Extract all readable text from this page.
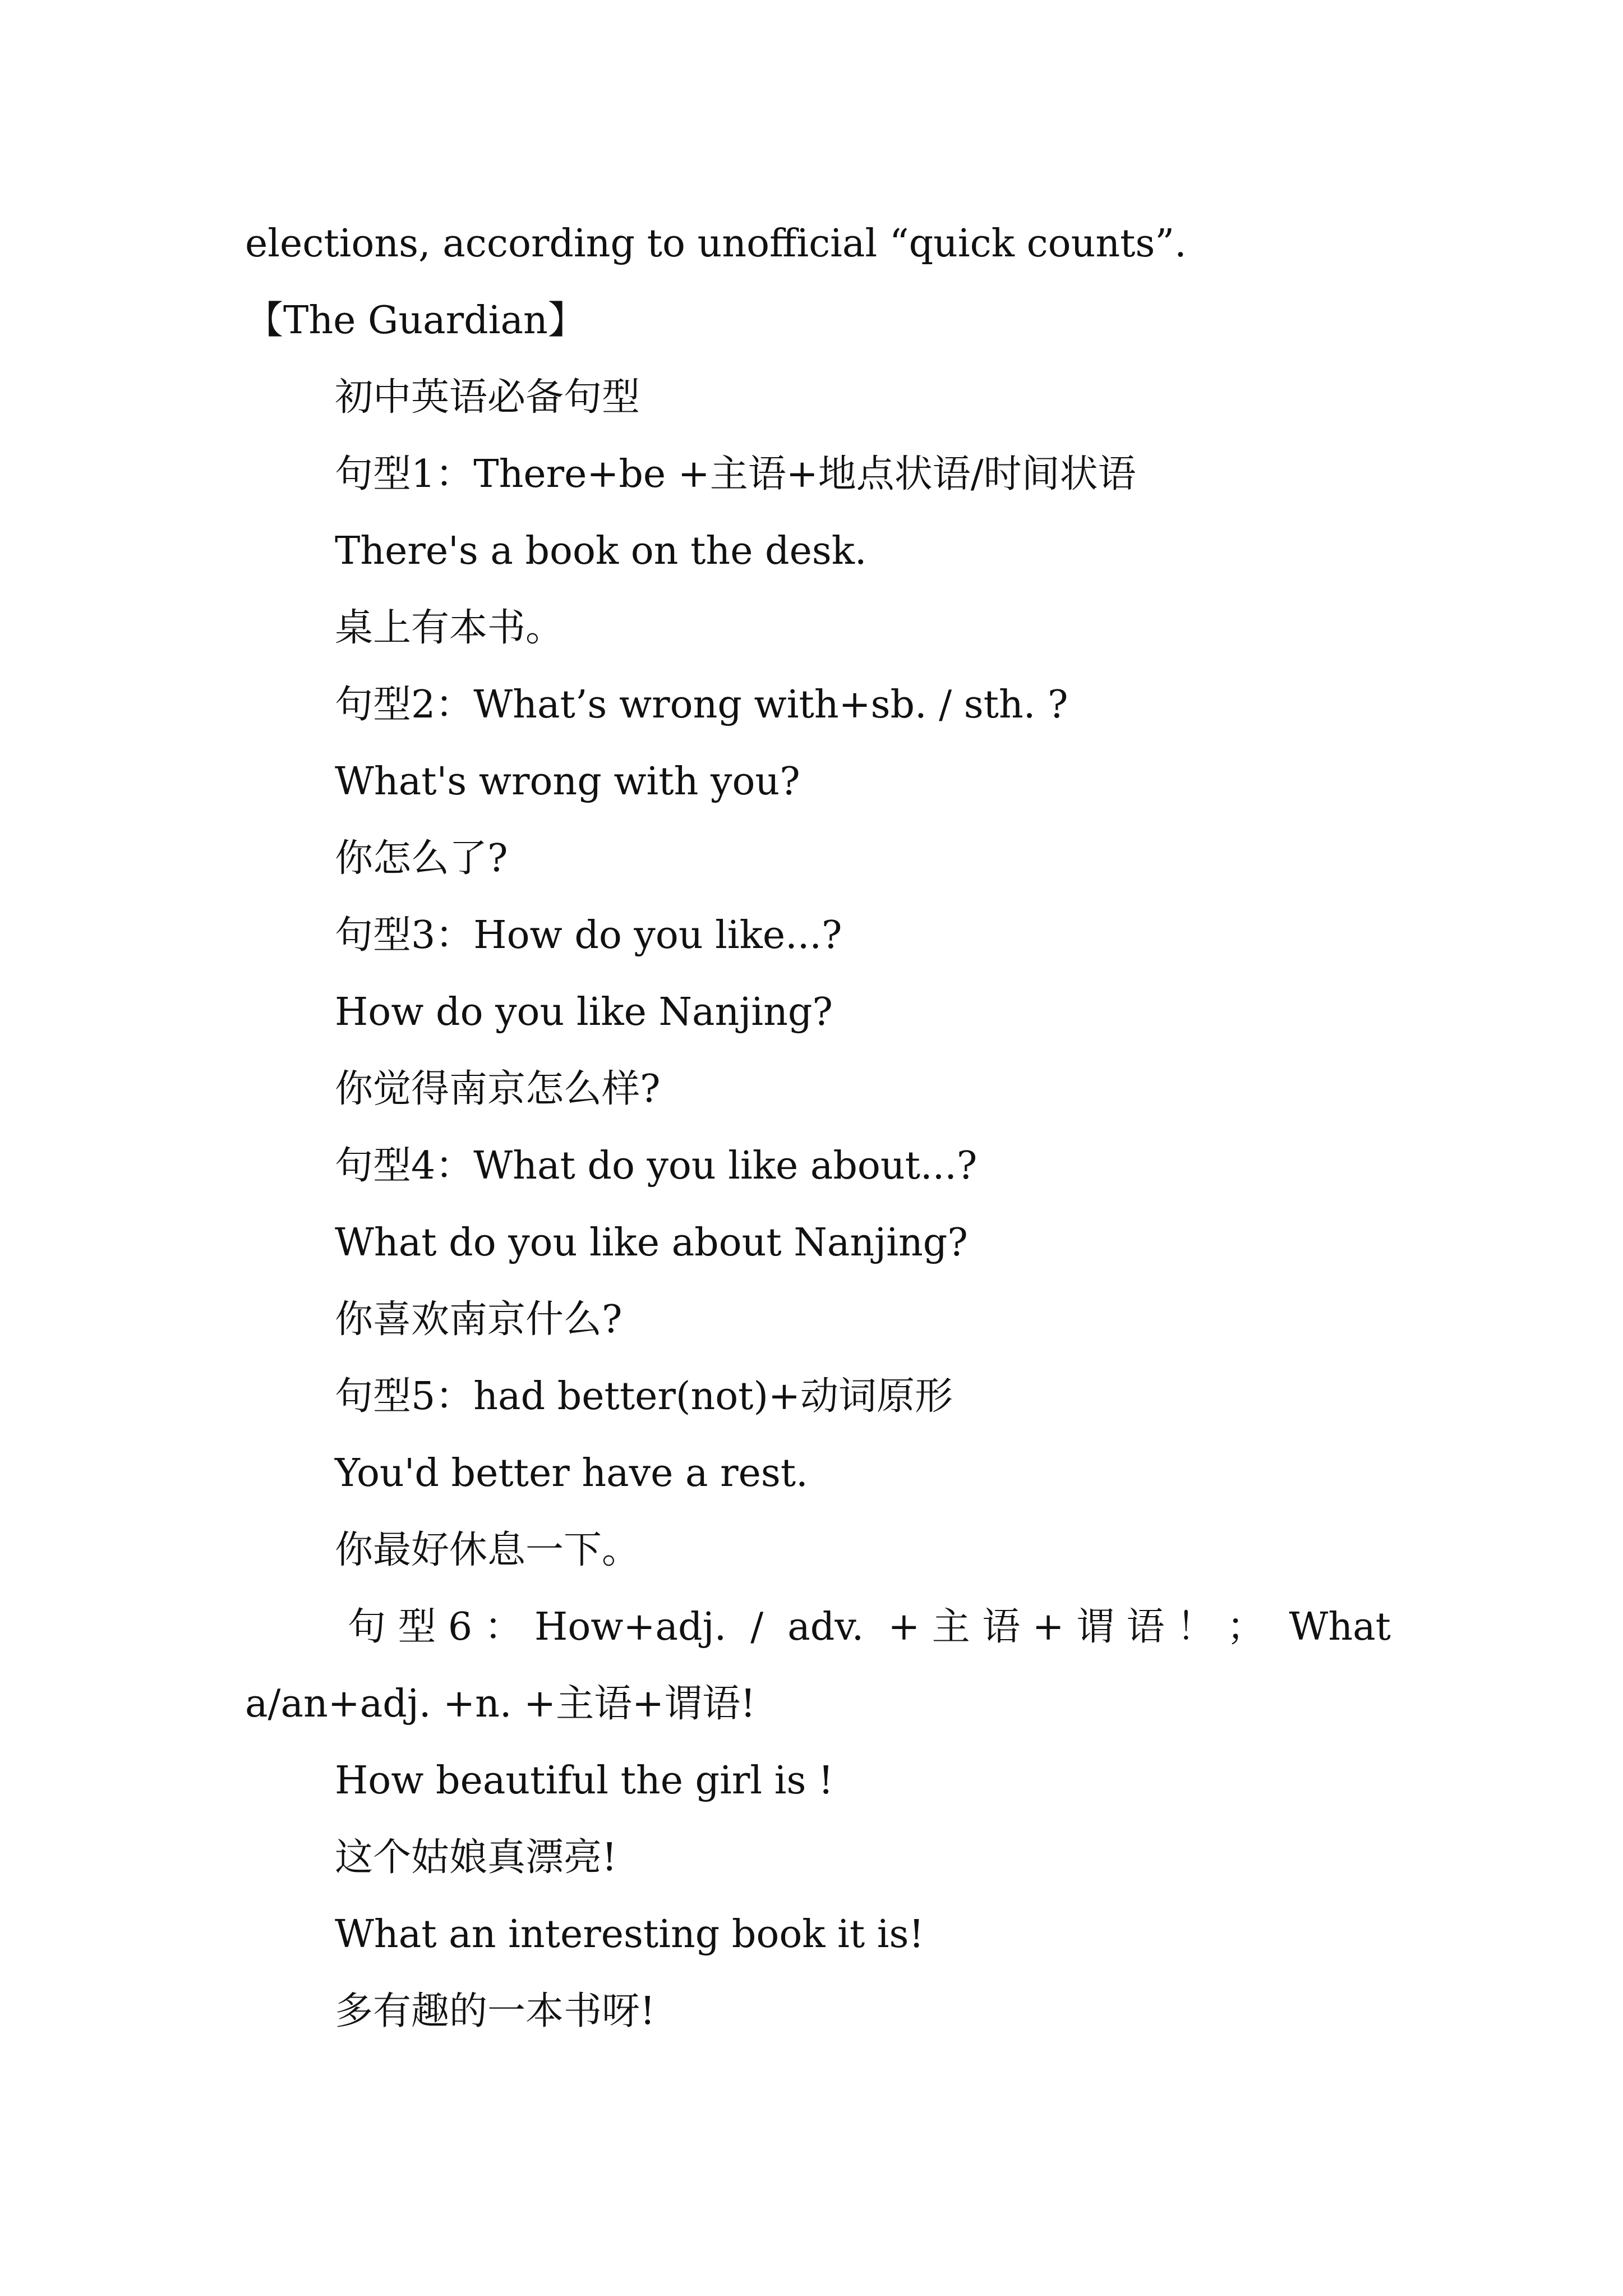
elections, according to unofficial “quick counts”.
【The Guardian】
初中英语必备句型
句型1：There+be +主语+地点状语/时间状语
There's a book on the desk.
桌上有本书。
句型2：What’s wrong with+sb. / sth. ?
What's wrong with you?
你怎么了?
句型3：How do you like...?
How do you like Nanjing?
你觉得南京怎么样?
句型4：What do you like about...?
What do you like about Nanjing?
你喜欢南京什么?
句型5：had better(not)+动词原形
You'd better have a rest.
你最好休息一下。
句型6：How+adj. / adv. +主语+谓语！； What
a/an+adj. +n. +主语+谓语!
How beautiful the girl is !
这个姑娘真漂亮!
What an interesting book it is!
多有趣的一本书呀!
